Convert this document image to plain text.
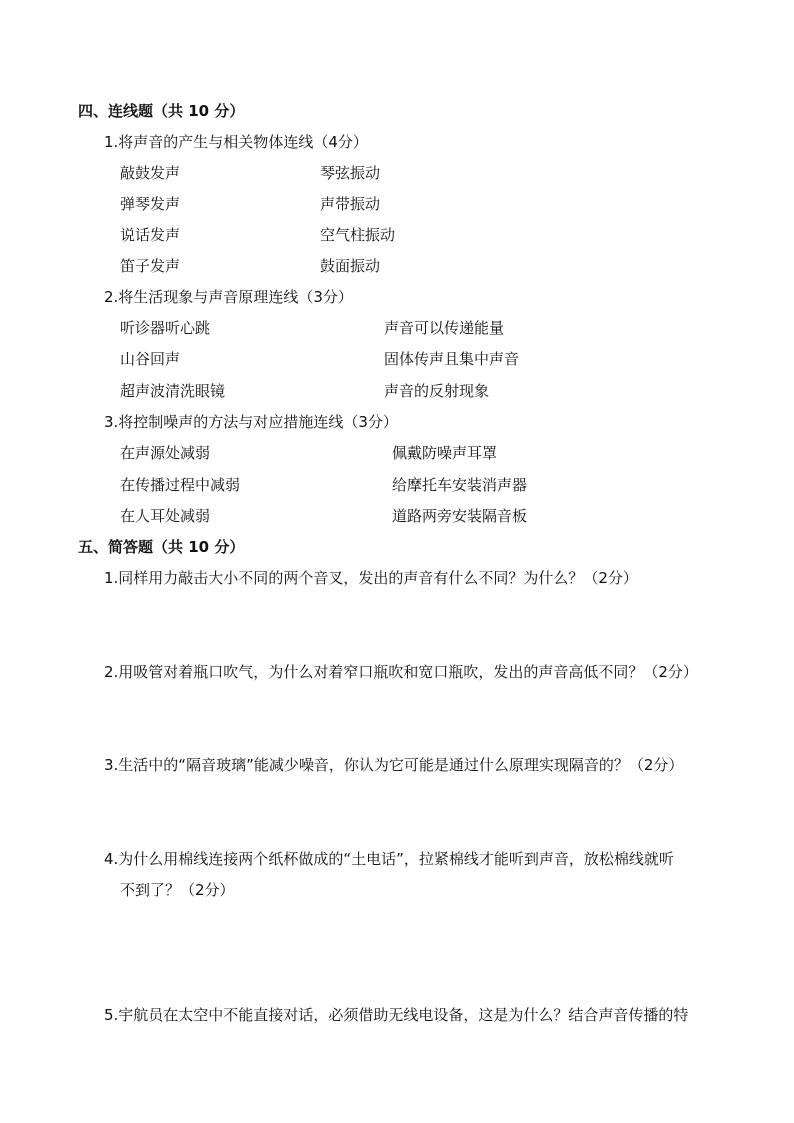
四、连线题（共 10 分）
1.将声音的产生与相关物体连线（4分）
敲鼓发声	琴弦振动
弹琴发声	声带振动
说话发声	空气柱振动
笛子发声	鼓面振动
2.将生活现象与声音原理连线（3分）
听诊器听心跳	声音可以传递能量
山谷回声	固体传声且集中声音
超声波清洗眼镜	声音的反射现象
3.将控制噪声的方法与对应措施连线（3分）
在声源处减弱	佩戴防噪声耳罩
在传播过程中减弱	给摩托车安装消声器
在人耳处减弱	道路两旁安装隔音板
五、简答题（共 10 分）
1.同样用力敲击大小不同的两个音叉，发出的声音有什么不同？为什么？（2分）
2.用吸管对着瓶口吹气，为什么对着窄口瓶吹和宽口瓶吹，发出的声音高低不同？（2分）
3.生活中的“隔音玻璃”能减少噪音，你认为它可能是通过什么原理实现隔音的？（2分）
4.为什么用棉线连接两个纸杯做成的“土电话”，拉紧棉线才能听到声音，放松棉线就听
不到了？（2分）
5.宇航员在太空中不能直接对话，必须借助无线电设备，这是为什么？结合声音传播的特
